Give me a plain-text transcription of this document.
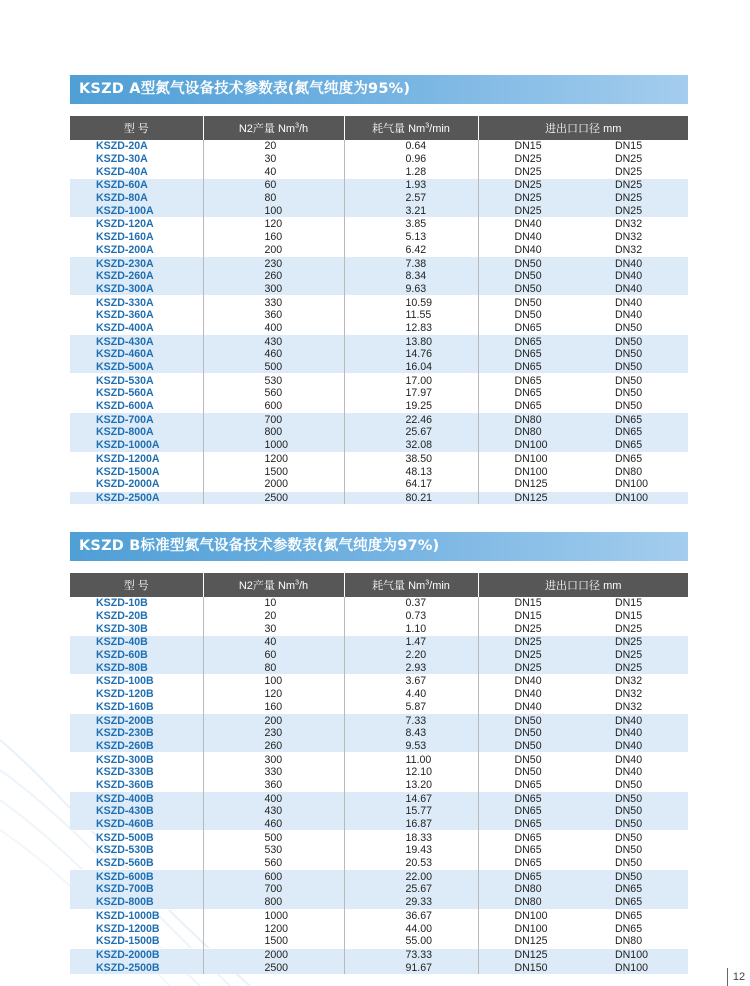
KSZD A型氮气设备技术参数表(氮气纯度为95%)
型 号	N2产量 Nm$^3$/h	耗气量 Nm$^3$/min	进出口口径 mm	
KSZD-20A	20	0.64	DN15	DN15
KSZD-30A	30	0.96	DN25	DN25
KSZD-40A	40	1.28	DN25	DN25
KSZD-60A	60	1.93	DN25	DN25
KSZD-80A	80	2.57	DN25	DN25
KSZD-100A	100	3.21	DN25	DN25
KSZD-120A	120	3.85	DN40	DN32
KSZD-160A	160	5.13	DN40	DN32
KSZD-200A	200	6.42	DN40	DN32
KSZD-230A	230	7.38	DN50	DN40
KSZD-260A	260	8.34	DN50	DN40
KSZD-300A	300	9.63	DN50	DN40
KSZD-330A	330	10.59	DN50	DN40
KSZD-360A	360	11.55	DN50	DN40
KSZD-400A	400	12.83	DN65	DN50
KSZD-430A	430	13.80	DN65	DN50
KSZD-460A	460	14.76	DN65	DN50
KSZD-500A	500	16.04	DN65	DN50
KSZD-530A	530	17.00	DN65	DN50
KSZD-560A	560	17.97	DN65	DN50
KSZD-600A	600	19.25	DN65	DN50
KSZD-700A	700	22.46	DN80	DN65
KSZD-800A	800	25.67	DN80	DN65
KSZD-1000A	1000	32.08	DN100	DN65
KSZD-1200A	1200	38.50	DN100	DN65
KSZD-1500A	1500	48.13	DN100	DN80
KSZD-2000A	2000	64.17	DN125	DN100
KSZD-2500A	2500	80.21	DN125	DN100
KSZD B标准型氮气设备技术参数表(氮气纯度为97%)
型 号	N2产量 Nm$^3$/h	耗气量 Nm$^3$/min	进出口口径 mm	
KSZD-10B	10	0.37	DN15	DN15
KSZD-20B	20	0.73	DN15	DN15
KSZD-30B	30	1.10	DN25	DN25
KSZD-40B	40	1.47	DN25	DN25
KSZD-60B	60	2.20	DN25	DN25
KSZD-80B	80	2.93	DN25	DN25
KSZD-100B	100	3.67	DN40	DN32
KSZD-120B	120	4.40	DN40	DN32
KSZD-160B	160	5.87	DN40	DN32
KSZD-200B	200	7.33	DN50	DN40
KSZD-230B	230	8.43	DN50	DN40
KSZD-260B	260	9.53	DN50	DN40
KSZD-300B	300	11.00	DN50	DN40
KSZD-330B	330	12.10	DN50	DN40
KSZD-360B	360	13.20	DN65	DN50
KSZD-400B	400	14.67	DN65	DN50
KSZD-430B	430	15.77	DN65	DN50
KSZD-460B	460	16.87	DN65	DN50
KSZD-500B	500	18.33	DN65	DN50
KSZD-530B	530	19.43	DN65	DN50
KSZD-560B	560	20.53	DN65	DN50
KSZD-600B	600	22.00	DN65	DN50
KSZD-700B	700	25.67	DN80	DN65
KSZD-800B	800	29.33	DN80	DN65
KSZD-1000B	1000	36.67	DN100	DN65
KSZD-1200B	1200	44.00	DN100	DN65
KSZD-1500B	1500	55.00	DN125	DN80
KSZD-2000B	2000	73.33	DN125	DN100
KSZD-2500B	2500	91.67	DN150	DN100
12
